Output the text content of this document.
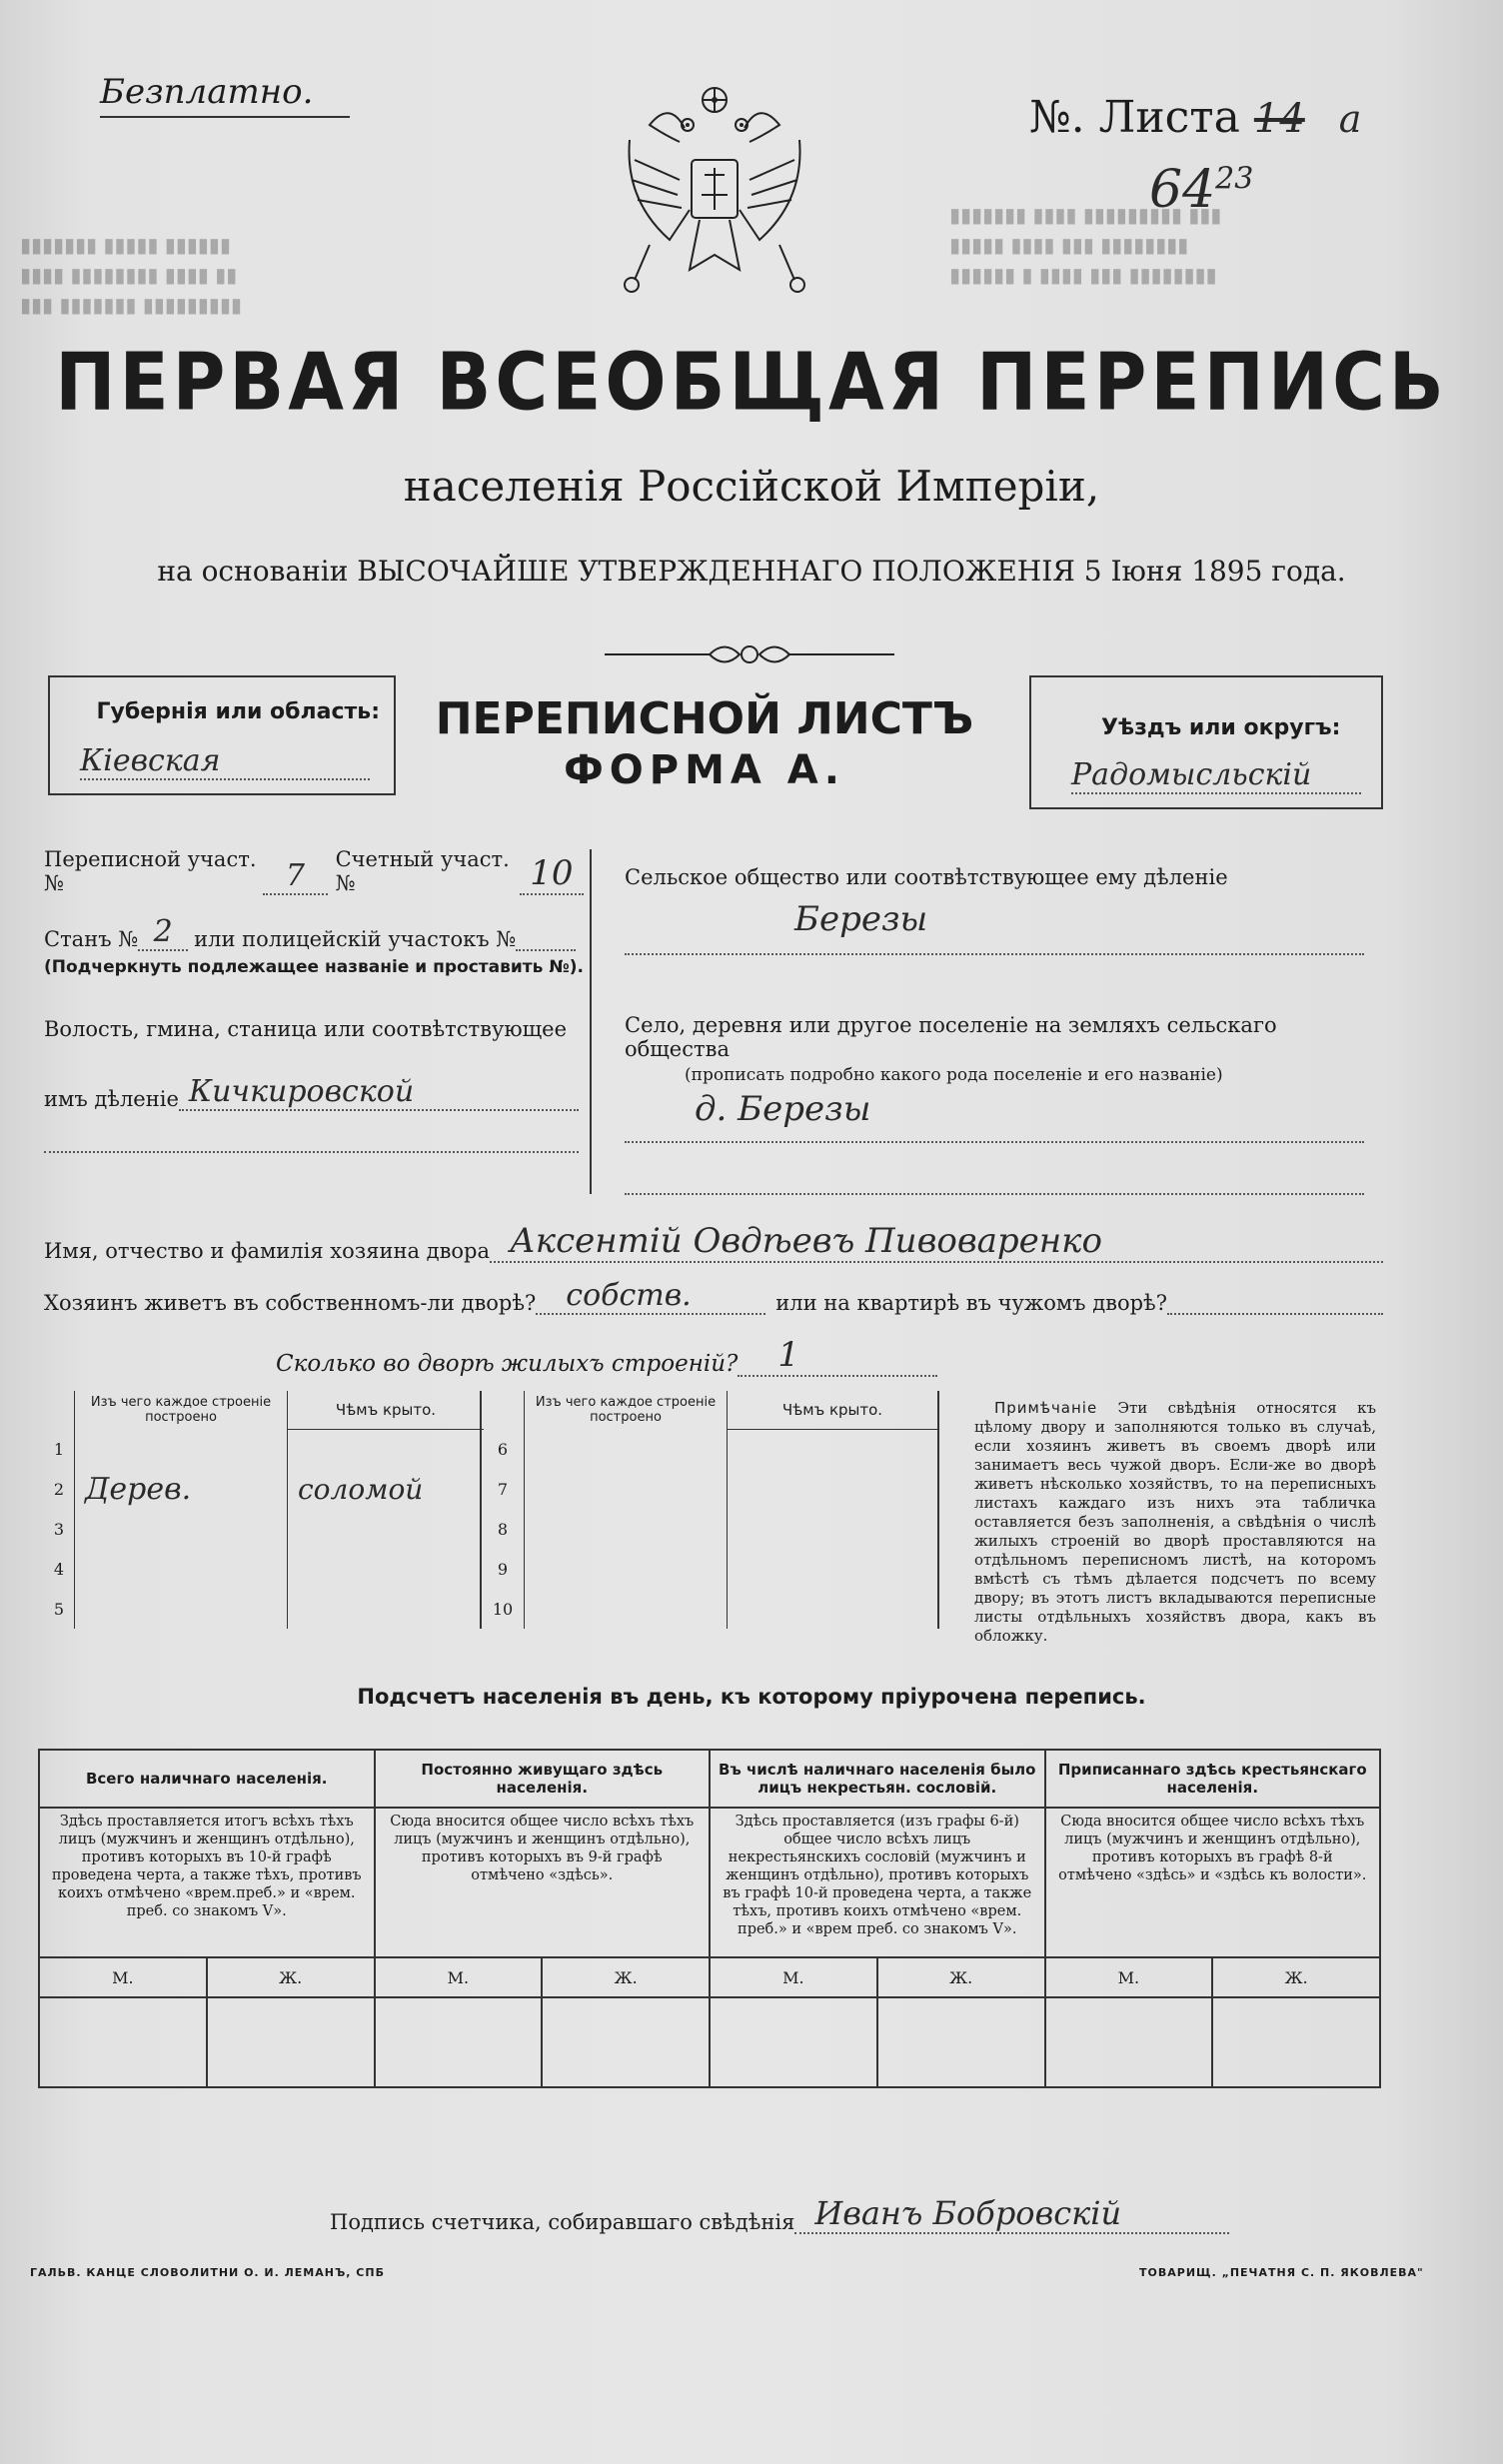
▮▮▮▮▮▮▮ ▮▮▮▮▮ ▮▮▮▮▮▮
▮▮▮▮ ▮▮▮▮▮▮▮▮ ▮▮▮▮ ▮▮
▮▮▮ ▮▮▮▮▮▮▮ ▮▮▮▮▮▮▮▮▮
▮▮▮▮▮▮▮ ▮▮▮▮ ▮▮▮▮▮▮▮▮▮ ▮▮▮
▮▮▮▮▮ ▮▮▮▮ ▮▮▮ ▮▮▮▮▮▮▮▮
▮▮▮▮▮▮ ▮ ▮▮▮▮ ▮▮▮ ▮▮▮▮▮▮▮▮
Безплатно.	№. Листа 14 а
$64^{23}$
ПЕРВАЯ ВСЕОБЩАЯ ПЕРЕПИСЬ
населенія Россійской Имперіи,
на основаніи ВЫСОЧАЙШЕ УТВЕРЖДЕННАГО ПОЛОЖЕНІЯ 5 Іюня 1895 года.
Губернія или область:
Кіевская
ПЕРЕПИСНОЙ ЛИСТЪ
ФОРМА А.
Уѣздъ или округъ:
Радомысльскій
Переписной участ. №	7	Счетный участ. №	10
Станъ № 2	или полицейскій участокъ №
(Подчеркнуть подлежащее названіе и проставить №).
Волость, гмина, станица или соотвѣтствующее
имъ дѣленіе Кичкировской
Сельское общество или соотвѣтствующее ему дѣленіе
Березы
Село, деревня или другое поселеніе на земляхъ сельскаго общества
(прописать подробно какого рода поселеніе и его названіе)
д. Березы
Имя, отчество и фамилія хозяина двора Аксентій Овдѣевъ Пивоваренко
Хозяинъ живетъ въ собственномъ-ли дворѣ?	собств.	или на квартирѣ въ чужомъ дворѣ?
Сколько во дворѣ жилыхъ строеній?	1
	Изъ чего каждое строеніе построено	Чѣмъ крыто.
1		
2	Дерев.	соломой
3		
4		
5		
	Изъ чего каждое строеніе построено	Чѣмъ крыто.
6		
7		
8		
9		
10		
Примѣчаніе Эти свѣдѣнія относятся къ цѣлому двору и заполняются только въ случаѣ, если хозяинъ живетъ въ своемъ дворѣ или занимаетъ весь чужой дворъ. Если-же во дворѣ живетъ нѣсколько хозяйствъ, то на переписныхъ листахъ каждаго изъ нихъ эта табличка оставляется безъ заполненія, а свѣдѣнія о числѣ жилыхъ строеній во дворѣ проставляются на отдѣльномъ переписномъ листѣ, на которомъ вмѣстѣ съ тѣмъ дѣлается подсчетъ по всему двору; въ этотъ листъ вкладываются переписные листы отдѣльныхъ хозяйствъ двора, какъ въ обложку.
Подсчетъ населенія въ день, къ которому пріурочена перепись.
Всего наличнаго населенія.		Постоянно живущаго здѣсь населенія.		Въ числѣ наличнаго населенія было лицъ некрестьян. сословій.		Приписаннаго здѣсь крестьянскаго населенія.	
Здѣсь проставляется итогъ всѣхъ тѣхъ лицъ (мужчинъ и женщинъ отдѣльно), противъ которыхъ въ 10-й графѣ проведена черта, а также тѣхъ, противъ коихъ отмѣчено «врем.преб.» и «врем. преб. со знакомъ V».		Сюда вносится общее число всѣхъ тѣхъ лицъ (мужчинъ и женщинъ отдѣльно), противъ которыхъ въ 9-й графѣ отмѣчено «здѣсь».		Здѣсь проставляется (изъ графы 6-й) общее число всѣхъ лицъ некрестьянскихъ сословій (мужчинъ и женщинъ отдѣльно), противъ которыхъ въ графѣ 10-й проведена черта, а также тѣхъ, противъ коихъ отмѣчено «врем. преб.» и «врем преб. со знакомъ V».		Сюда вносится общее число всѣхъ тѣхъ лицъ (мужчинъ и женщинъ отдѣльно), противъ которыхъ въ графѣ 8-й отмѣчено «здѣсь» и «здѣсь къ волости».	
М.	Ж.	М.	Ж.	М.	Ж.	М.	Ж.

Подпись счетчика, собиравшаго свѣдѣнія Иванъ Бобровскій
ГАЛЬВ. КАНЦЕ СЛОВОЛИТНИ О. И. ЛЕМАНЪ, СПБ	ТОВАРИЩ. „ПЕЧАТНЯ С. П. ЯКОВЛЕВА"
